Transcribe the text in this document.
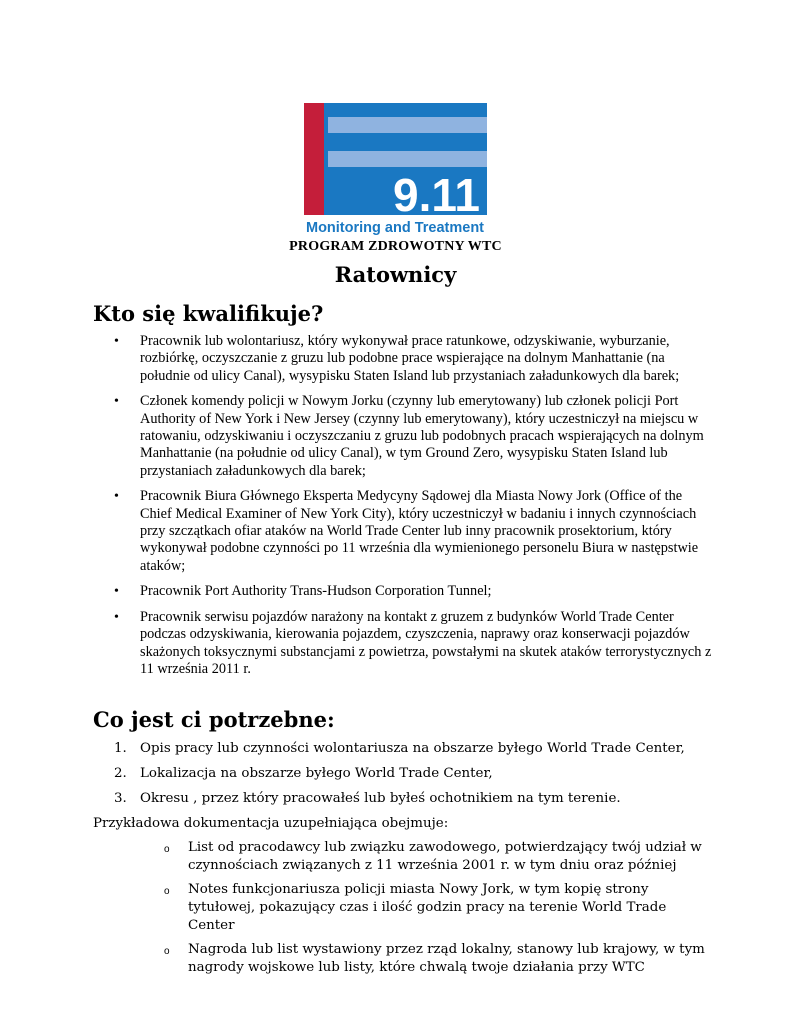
9.11
Monitoring and Treatment
PROGRAM ZDROWOTNY WTC
Ratownicy
Kto się kwalifikuje?
• Pracownik lub wolontariusz, który wykonywał prace ratunkowe, odzyskiwanie, wyburzanie, rozbiórkę, oczyszczanie z gruzu lub podobne prace wspierające na dolnym Manhattanie (na południe od ulicy Canal), wysypisku Staten Island lub przystaniach załadunkowych dla barek;
• Członek komendy policji w Nowym Jorku (czynny lub emerytowany) lub członek policji Port Authority of New York i New Jersey (czynny lub emerytowany), który uczestniczył na miejscu w ratowaniu, odzyskiwaniu i oczyszczaniu z gruzu lub podobnych pracach wspierających na dolnym Manhattanie (na południe od ulicy Canal), w tym Ground Zero, wysypisku Staten Island lub przystaniach załadunkowych dla barek;
• Pracownik Biura Głównego Eksperta Medycyny Sądowej dla Miasta Nowy Jork (Office of the Chief Medical Examiner of New York City), który uczestniczył w badaniu i innych czynnościach przy szczątkach ofiar ataków na World Trade Center lub inny pracownik prosektorium, który wykonywał podobne czynności po 11 września dla wymienionego personelu Biura w następstwie ataków;
• Pracownik Port Authority Trans-Hudson Corporation Tunnel;
• Pracownik serwisu pojazdów narażony na kontakt z gruzem z budynków World Trade Center podczas odzyskiwania, kierowania pojazdem, czyszczenia, naprawy oraz konserwacji pojazdów skażonych toksycznymi substancjami z powietrza, powstałymi na skutek ataków terrorystycznych z 11 września 2011 r.
Co jest ci potrzebne:
1. Opis pracy lub czynności wolontariusza na obszarze byłego World Trade Center,
2. Lokalizacja na obszarze byłego World Trade Center,
3. Okresu , przez który pracowałeś lub byłeś ochotnikiem na tym terenie.
Przykładowa dokumentacja uzupełniająca obejmuje:
o List od pracodawcy lub związku zawodowego, potwierdzający twój udział w czynnościach związanych z 11 września 2001 r. w tym dniu oraz później
o Notes funkcjonariusza policji miasta Nowy Jork, w tym kopię strony tytułowej, pokazujący czas i ilość godzin pracy na terenie World Trade Center
o Nagroda lub list wystawiony przez rząd lokalny, stanowy lub krajowy, w tym nagrody wojskowe lub listy, które chwalą twoje działania przy WTC
